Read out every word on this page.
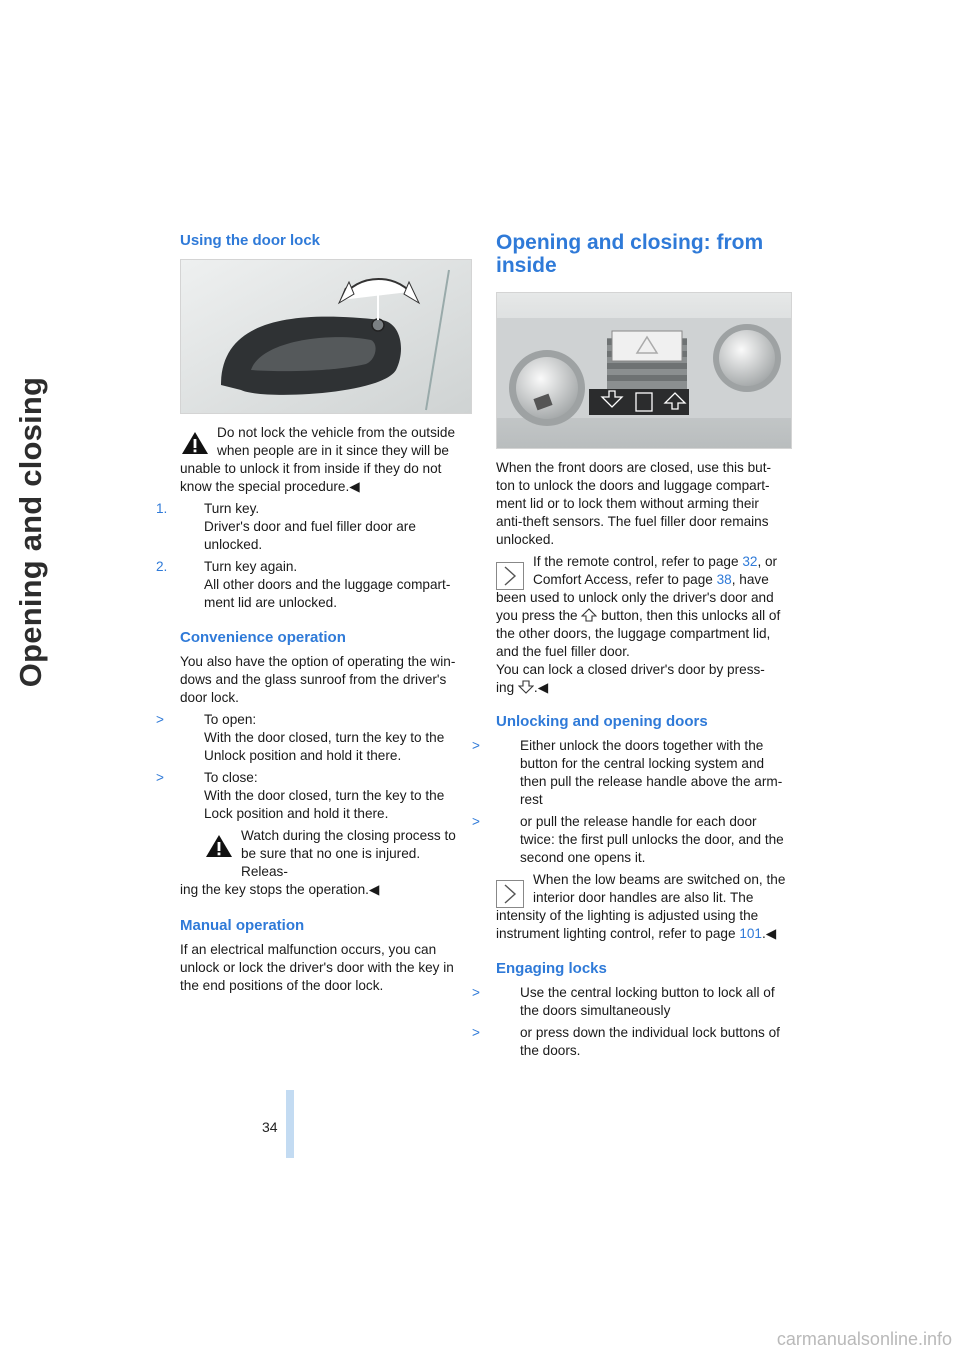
Opening and closing
Using the door lock

Do not lock the vehicle from the outside

when people are in it since they will be

unable to unlock it from inside if they do not

know the special procedure.◀

1.	Turn key.

Driver's door and fuel filler door are

unlocked.

2.	Turn key again.

All other doors and the luggage compart-

ment lid are unlocked.

Convenience operation

You also have the option of operating the win-

dows and the glass sunroof from the driver's

door lock.

>	To open:

With the door closed, turn the key to the

Unlock position and hold it there.

>	To close:

With the door closed, turn the key to the

Lock position and hold it there.

Watch during the closing process to

be sure that no one is injured. Releas-

ing the key stops the operation.◀

Manual operation

If an electrical malfunction occurs, you can

unlock or lock the driver's door with the key in

the end positions of the door lock.

Opening and closing: from
inside

When the front doors are closed, use this but-

ton to unlock the doors and luggage compart-

ment lid or to lock them without arming their

anti-theft sensors. The fuel filler door remains

unlocked.

If the remote control, refer to page 32, or

Comfort Access, refer to page 38, have

been used to unlock only the driver's door and

you press the  button, then this unlocks all of

the other doors, the luggage compartment lid,

and the fuel filler door.

You can lock a closed driver's door by press-

ing .◀

Unlocking and opening doors

>	Either unlock the doors together with the

button for the central locking system and

then pull the release handle above the arm-

rest

>	or pull the release handle for each door

twice: the first pull unlocks the door, and the

second one opens it.

When the low beams are switched on, the

interior door handles are also lit. The

intensity of the lighting is adjusted using the

instrument lighting control, refer to page 101.◀

Engaging locks

>	Use the central locking button to lock all of

the doors simultaneously

>	or press down the individual lock buttons of

the doors.

34
carmanualsonline.info
